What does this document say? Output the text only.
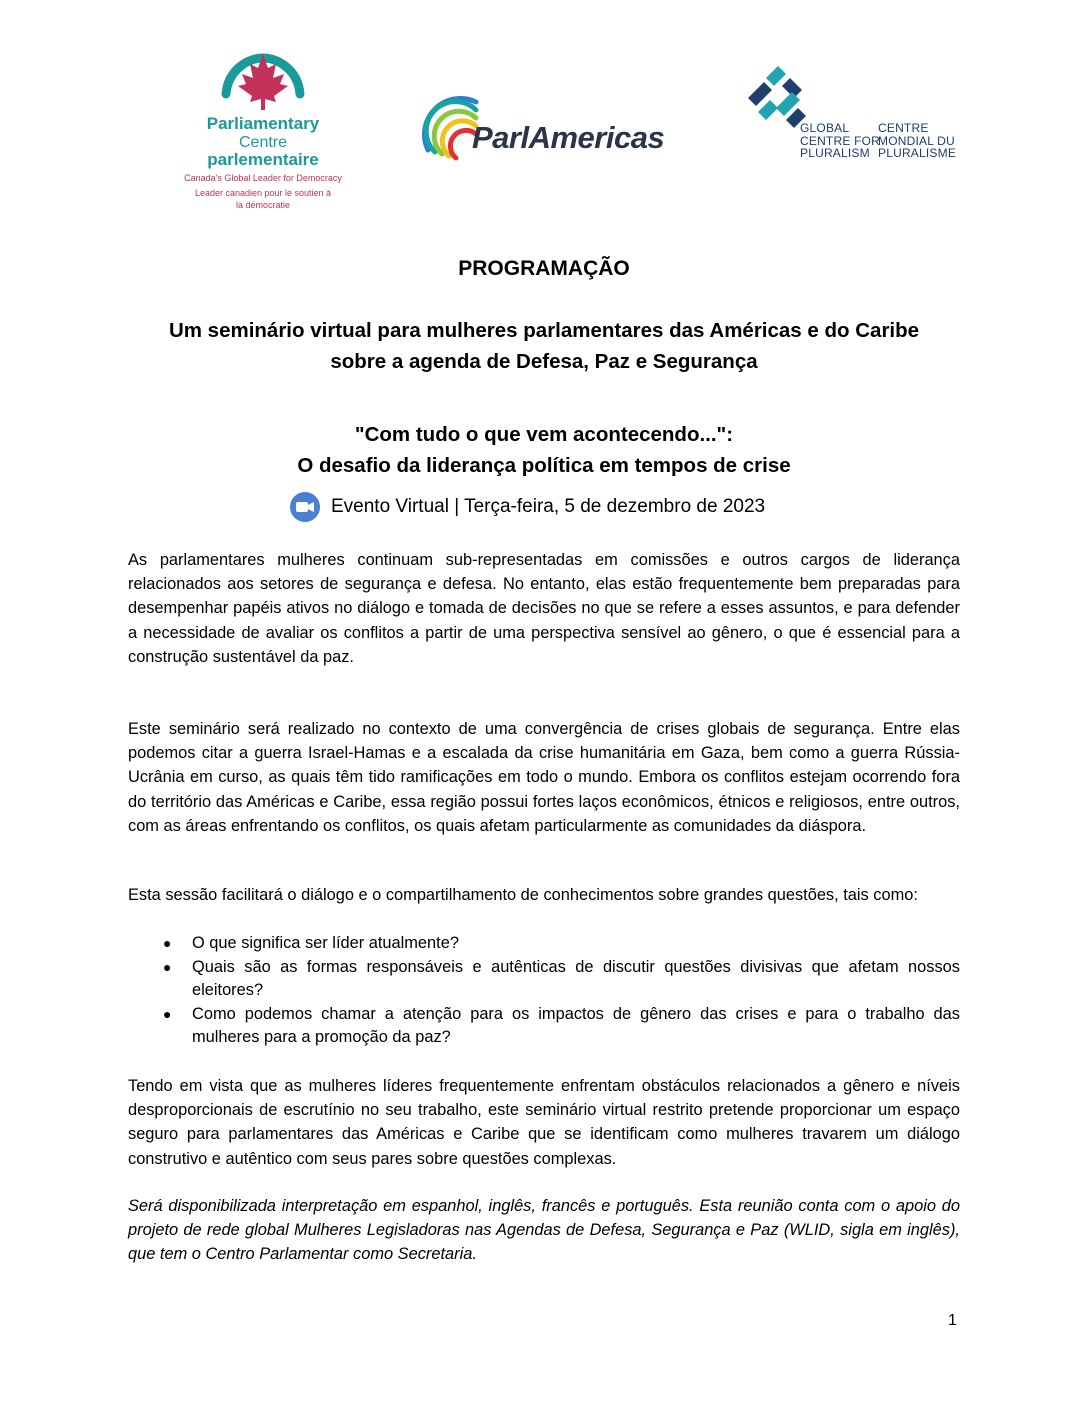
Parliamentary
Centre
parlementaire
Canada's Global Leader for Democracy
Leader canadien pour le soutien à la démocratie
ParlAmericas	GLOBAL
CENTRE FOR
PLURALISM
CENTRE
MONDIAL DU
PLURALISME
PROGRAMAÇÃO
Um seminário virtual para mulheres parlamentares das Américas e do Caribe
sobre a agenda de Defesa, Paz e Segurança
"Com tudo o que vem acontecendo...":
O desafio da liderança política em tempos de crise
Evento Virtual | Terça-feira, 5 de dezembro de 2023
As parlamentares mulheres continuam sub-representadas em comissões e outros cargos de liderança relacionados aos setores de segurança e defesa. No entanto, elas estão frequentemente bem preparadas para desempenhar papéis ativos no diálogo e tomada de decisões no que se refere a esses assuntos, e para defender a necessidade de avaliar os conflitos a partir de uma perspectiva sensível ao gênero, o que é essencial para a construção sustentável da paz.
Este seminário será realizado no contexto de uma convergência de crises globais de segurança. Entre elas podemos citar a guerra Israel-Hamas e a escalada da crise humanitária em Gaza, bem como a guerra Rússia-Ucrânia em curso, as quais têm tido ramificações em todo o mundo. Embora os conflitos estejam ocorrendo fora do território das Américas e Caribe, essa região possui fortes laços econômicos, étnicos e religiosos, entre outros, com as áreas enfrentando os conflitos, os quais afetam particularmente as comunidades da diáspora.
Esta sessão facilitará o diálogo e o compartilhamento de conhecimentos sobre grandes questões, tais como:
● O que significa ser líder atualmente?
● Quais são as formas responsáveis e autênticas de discutir questões divisivas que afetam nossos eleitores?
● Como podemos chamar a atenção para os impactos de gênero das crises e para o trabalho das mulheres para a promoção da paz?
Tendo em vista que as mulheres líderes frequentemente enfrentam obstáculos relacionados a gênero e níveis desproporcionais de escrutínio no seu trabalho, este seminário virtual restrito pretende proporcionar um espaço seguro para parlamentares das Américas e Caribe que se identificam como mulheres travarem um diálogo construtivo e autêntico com seus pares sobre questões complexas.
Será disponibilizada interpretação em espanhol, inglês, francês e português. Esta reunião conta com o apoio do projeto de rede global Mulheres Legisladoras nas Agendas de Defesa, Segurança e Paz (WLID, sigla em inglês), que tem o Centro Parlamentar como Secretaria.
1
